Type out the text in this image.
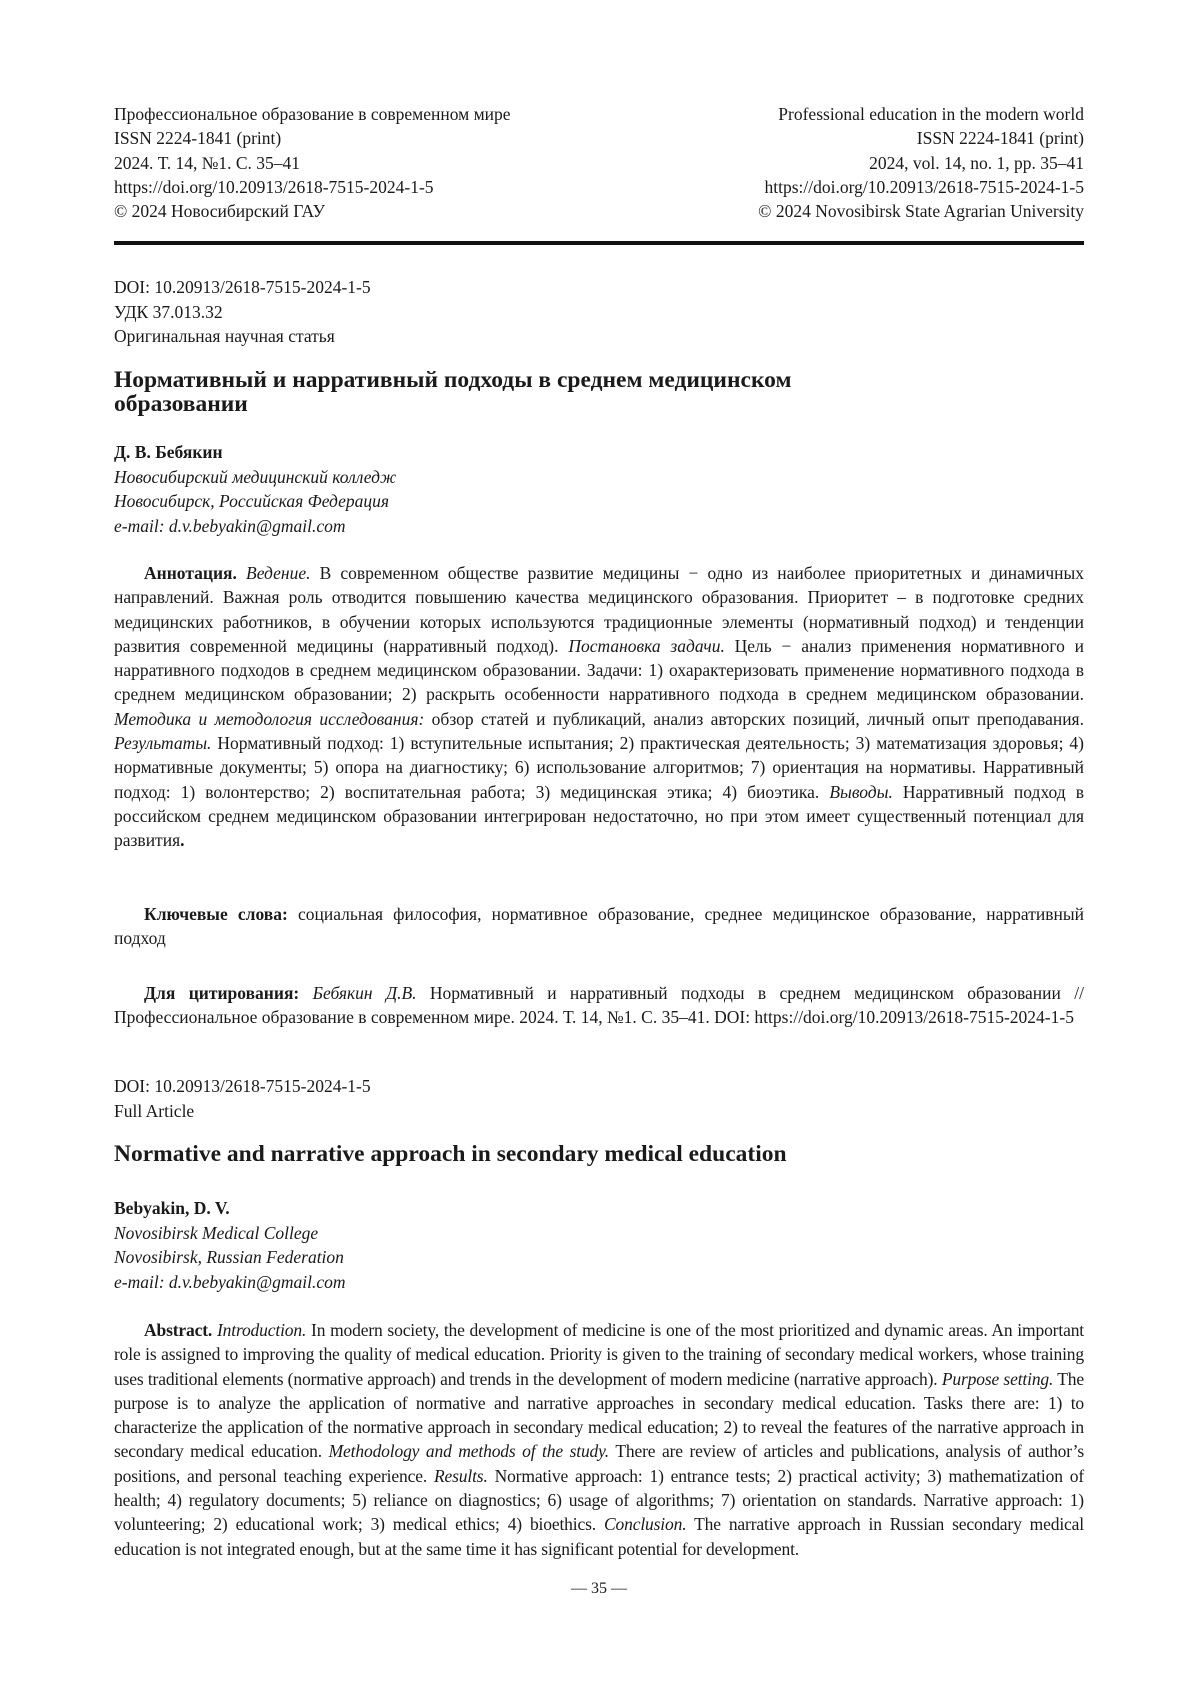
Профессиональное образование в современном мире
ISSN 2224-1841 (print)
2024. Т. 14, №1. С. 35–41
https://doi.org/10.20913/2618-7515-2024-1-5
© 2024 Новосибирский ГАУ
Professional education in the modern world
ISSN 2224-1841 (print)
2024, vol. 14, no. 1, pp. 35–41
https://doi.org/10.20913/2618-7515-2024-1-5
© 2024 Novosibirsk State Agrarian University
DOI: 10.20913/2618-7515-2024-1-5
УДК 37.013.32
Оригинальная научная статья
Нормативный и нарративный подходы в среднем медицинском
образовании
Д. В. Бебякин
Новосибирский медицинский колледж
Новосибирск, Российская Федерация
e-mail: d.v.bebyakin@gmail.com

Аннотация. Ведение. В современном обществе развитие медицины − одно из наиболее приоритетных и динамичных направлений. Важная роль отводится повышению качества медицинского образования. Приоритет – в подготовке средних медицинских работников, в обучении которых используются традиционные элементы (нормативный подход) и тенденции развития современной медицины (нарративный подход). Постановка задачи. Цель − анализ применения нормативного и нарративного подходов в среднем медицинском образовании. Задачи: 1) охарактеризовать применение нормативного подхода в среднем медицинском образовании; 2) раскрыть особенности нарративного подхода в среднем медицинском образовании. Методика и методология исследования: обзор статей и публикаций, анализ авторских позиций, личный опыт преподавания. Результаты. Нормативный подход: 1) вступительные испытания; 2) практическая деятельность; 3) математизация здоровья; 4) нормативные документы; 5) опора на диагностику; 6) использование алгоритмов; 7) ориентация на нормативы. Нарративный подход: 1) волонтерство; 2) воспитательная работа; 3) медицинская этика; 4) биоэтика. Выводы. Нарративный подход в российском среднем медицинском образовании интегрирован недостаточно, но при этом имеет существенный потенциал для развития.

Ключевые слова: социальная философия, нормативное образование, среднее медицинское образование, нарративный подход

Для цитирования: Бебякин Д.В. Нормативный и нарративный подходы в среднем медицинском образовании // Профессиональное образование в современном мире. 2024. Т. 14, №1. С. 35–41. DOI: https://doi.org/10.20913/2618-7515-2024-1-5

DOI: 10.20913/2618-7515-2024-1-5
Full Article
Normative and narrative approach in secondary medical education
Bebyakin, D. V.
Novosibirsk Medical College
Novosibirsk, Russian Federation
e-mail: d.v.bebyakin@gmail.com

Abstract. Introduction. In modern society, the development of medicine is one of the most prioritized and dynamic areas. An important role is assigned to improving the quality of medical education. Priority is given to the training of secondary medical workers, whose training uses traditional elements (normative approach) and trends in the development of modern medicine (narrative approach). Purpose setting. The purpose is to analyze the application of normative and narrative approaches in secondary medical education. Tasks there are: 1) to characterize the application of the normative approach in secondary medical education; 2) to reveal the features of the narrative approach in secondary medical education. Methodology and methods of the study. There are review of articles and publications, analysis of author’s positions, and personal teaching experience. Results. Normative approach: 1) entrance tests; 2) practical activity; 3) mathematization of health; 4) regulatory documents; 5) reliance on diagnostics; 6) usage of algorithms; 7) orientation on standards. Narrative approach: 1) volunteering; 2) educational work; 3) medical ethics; 4) bioethics. Conclusion. The narrative approach in Russian secondary medical education is not integrated enough, but at the same time it has significant potential for development.

— 35 —
